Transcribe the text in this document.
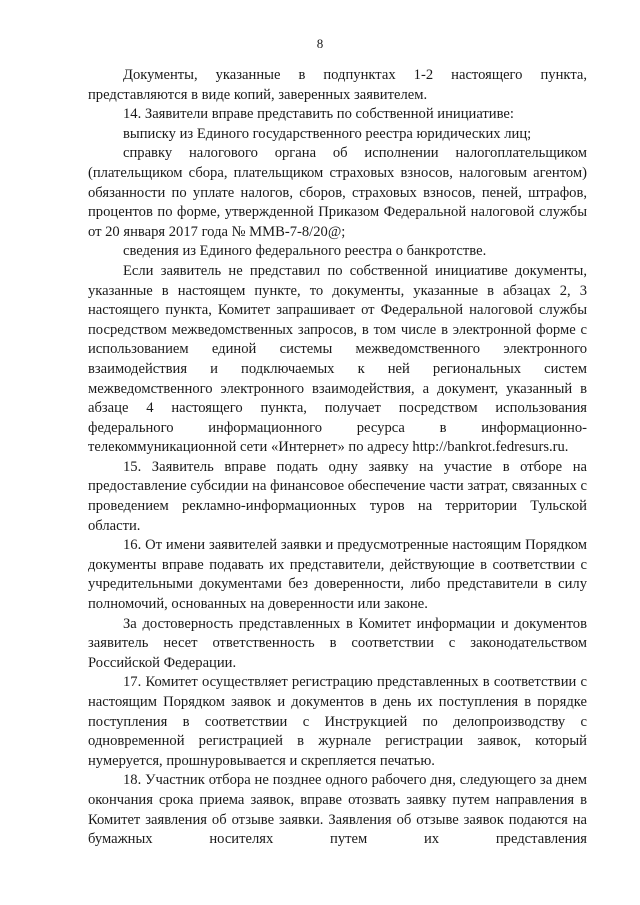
8

Документы, указанные в подпунктах 1-2 настоящего пункта, представляются в виде копий, заверенных заявителем.

14. Заявители вправе представить по собственной инициативе:

выписку из Единого государственного реестра юридических лиц;

справку налогового органа об исполнении налогоплательщиком (плательщиком сбора, плательщиком страховых взносов, налоговым агентом) обязанности по уплате налогов, сборов, страховых взносов, пеней, штрафов, процентов по форме, утвержденной Приказом Федеральной налоговой службы от 20 января 2017 года № ММВ-7-8/20@;

сведения из Единого федерального реестра о банкротстве.

Если заявитель не представил по собственной инициативе документы, указанные в настоящем пункте, то документы, указанные в абзацах 2, 3 настоящего пункта, Комитет запрашивает от Федеральной налоговой службы посредством межведомственных запросов, в том числе в электронной форме с использованием единой системы межведомственного электронного взаимодействия и подключаемых к ней региональных систем межведомственного электронного взаимодействия, а документ, указанный в абзаце 4 настоящего пункта, получает посредством использования федерального информационного ресурса в информационно-телекоммуникационной сети «Интернет» по адресу http://bankrot.fedresurs.ru.

15. Заявитель вправе подать одну заявку на участие в отборе на предоставление субсидии на финансовое обеспечение части затрат, связанных с проведением рекламно-информационных туров на территории Тульской области.

16. От имени заявителей заявки и предусмотренные настоящим Порядком документы вправе подавать их представители, действующие в соответствии с учредительными документами без доверенности, либо представители в силу полномочий, основанных на доверенности или законе.

За достоверность представленных в Комитет информации и документов заявитель несет ответственность в соответствии с законодательством Российской Федерации.

17. Комитет осуществляет регистрацию представленных в соответствии с настоящим Порядком заявок и документов в день их поступления в порядке поступления в соответствии с Инструкцией по делопроизводству с одновременной регистрацией в журнале регистрации заявок, который нумеруется, прошнуровывается и скрепляется печатью.

18. Участник отбора не позднее одного рабочего дня, следующего за днем окончания срока приема заявок, вправе отозвать заявку путем направления в Комитет заявления об отзыве заявки. Заявления об отзыве заявок подаются на бумажных носителях путем их представления
